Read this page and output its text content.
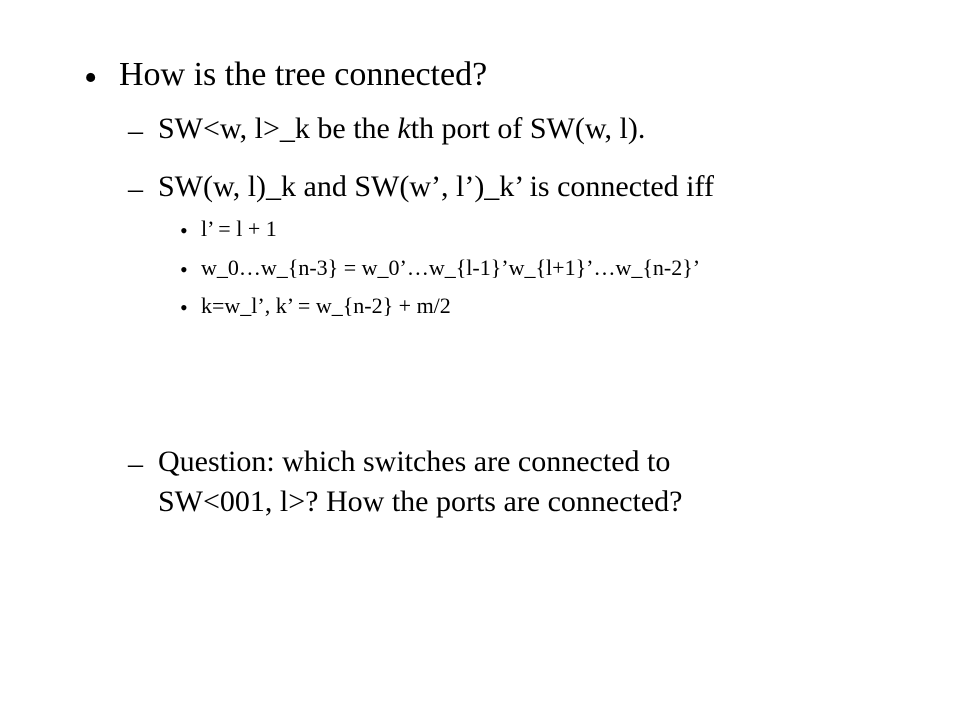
• How is the tree connected?
– SW<w, l>_k be the kth port of SW(w, l).
– SW(w, l)_k and SW(w’, l’)_k’ is connected iff
• l’ = l + 1
• w_0…w_{n-3} = w_0’…w_{l-1}’w_{l+1}’…w_{n-2}’
• k=w_l’, k’ = w_{n-2} + m/2
– Question: which switches are connected to
SW<001, l>? How the ports are connected?
